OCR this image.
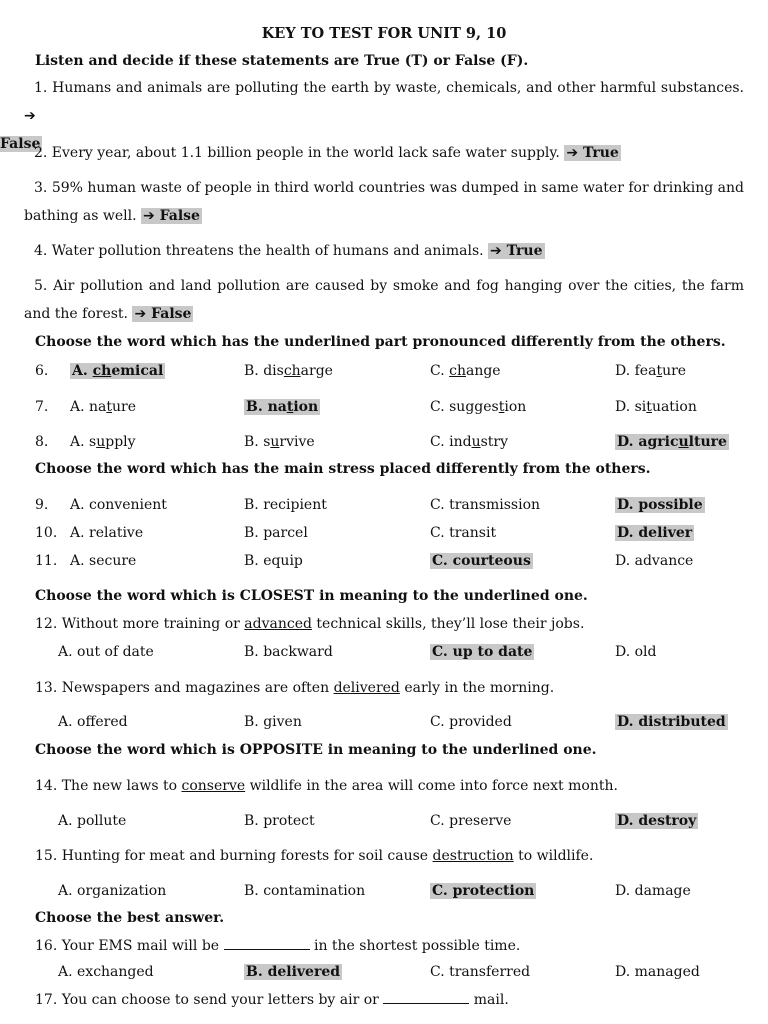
KEY TO TEST FOR UNIT 9, 10
Listen and decide if these statements are True (T) or False (F).
1. Humans and animals are polluting the earth by waste, chemicals, and other harmful substances. ➔
False
2. Every year, about 1.1 billion people in the world lack safe water supply. ➔ True
3. 59% human waste of people in third world countries was dumped in same water for drinking and bathing as well. ➔ False
4. Water pollution threatens the health of humans and animals. ➔ True
5. Air pollution and land pollution are caused by smoke and fog hanging over the cities, the farm and the forest. ➔ False
Choose the word which has the underlined part pronounced differently from the others.
6. A. chemical	B. discharge	C. change	D. feature
7. A. nature	B. nation	C. suggestion	D. situation
8. A. supply	B. survive	C. industry	D. agriculture
Choose the word which has the main stress placed differently from the others.
9. A. convenient	B. recipient	C. transmission	D. possible
10. A. relative	B. parcel	C. transit	D. deliver
11. A. secure	B. equip	C. courteous	D. advance
Choose the word which is CLOSEST in meaning to the underlined one.
12. Without more training or advanced technical skills, they’ll lose their jobs.
A. out of date	B. backward	C. up to date	D. old
13. Newspapers and magazines are often delivered early in the morning.
A. offered	B. given	C. provided	D. distributed
Choose the word which is OPPOSITE in meaning to the underlined one.
14. The new laws to conserve wildlife in the area will come into force next month.
A. pollute	B. protect	C. preserve	D. destroy
15. Hunting for meat and burning forests for soil cause destruction to wildlife.
A. organization	B. contamination	C. protection	D. damage
Choose the best answer.
16. Your EMS mail will be	in the shortest possible time.
A. exchanged	B. delivered	C. transferred	D. managed
17. You can choose to send your letters by air or	mail.
